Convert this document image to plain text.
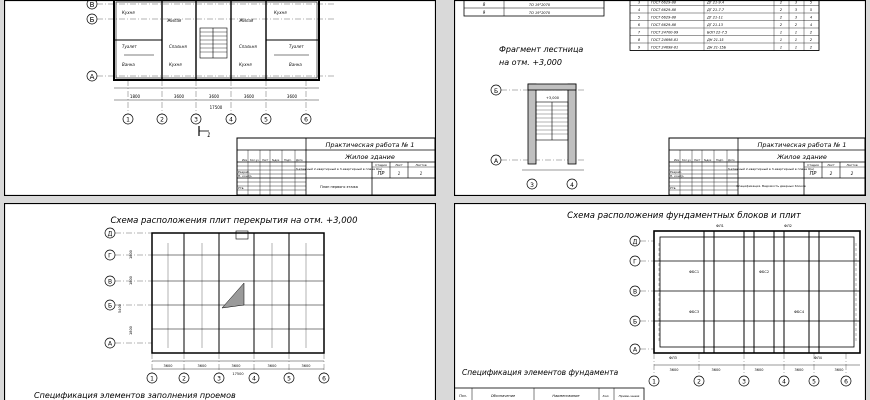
В
Б
А
Кухня	Кухня
Жилая	Жилая
Туалет	Спальня
Ванна
Спальня	Туалет
Ванна
Кухня	Кухня
1800	3600	3600	3600	3600
17500
1	2	3	4	5	6
1
Практическая работа № 1
Жилое здание
3-этажный 2-квартирный в 3-квартирный в плане 6(н)
План первого этажа
Стадия	Лист	Листов
ПР	1	1
Изм Кол.уч Лист №док Подп. Дата
Разраб.
Н. контр.
Утв.
8	ТО 19°2070
9	ТО 19°2070
3	ГОСТ 6629-88	ДГ 21-9.4	2	3	5
4	ГОСТ 6629-88	ДГ 21-7.7	2	3	5
5	ГОСТ 6629-88	ДГ 21-11	2	3	4
6	ГОСТ 6629-88	ДГ 21-13	2	2	4
7	ГОСТ 24700-99	БОП 22-7.5	1	1	2
8	ГОСТ 24698-81	ДН 21-15	1	1	2
9	ГОСТ 24698-81	ДН 21-15Б	1	1	2
Фрагмент лестница
на отм. +3,000
Б
А
+3,000
3	4
Практическая работа № 1
Жилое здание
3-этажный 2-квартирный в 3-квартирный в плане 6(н)
Спецификация. Ведомость дверных блоков
Стадия	Лист	Листов
ПР	2	2
Изм Кол.уч Лист №док Подп. Дата
Разраб.
Н. контр.
Утв.
Схема расположения плит перекрытия на отм. +3,000
Д
Г
В
Б
А
3600	3600	3600	3600	3600
17500
1800
1800
5400
1800
1	2	3	4	5	6
Спецификация элементов заполнения проемов
Схема расположения фундаментных блоков и плит
Д
Г
В
Б
А
ФЛ1	ФЛ2
ФЛ3	ФЛ4
ФБС1	ФБС2
ФБС3	ФБС4
3600	3600	3600	3600	3600
1	2	3	4	5	6
Спецификация элементов фундамента
Поз.	Обозначение	Наименование	Кол.	Приме-чание
